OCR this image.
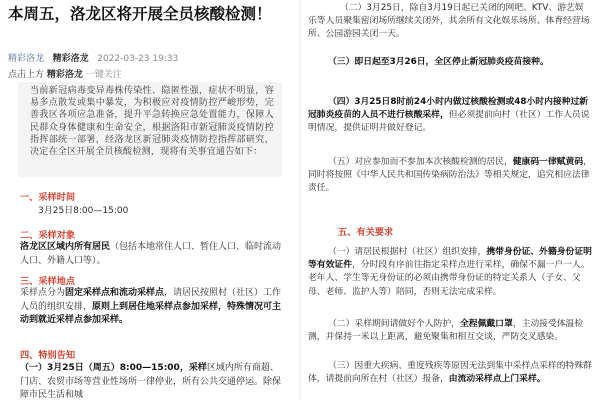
本周五，洛龙区将开展全员核酸检测！
精彩洛龙 精彩洛龙 2022-03-23 19:33
点击上方 精彩洛龙 一键关注

当前新冠病毒变异毒株传染性、隐匿性强，症状不明显，容易多点散发或集中暴发，为积极应对疫情防控严峻形势，完善我区各项应急准备，提升平急转换应急处置能力，保障人民群众身体健康和生命安全，根据洛阳市新冠肺炎疫情防控指挥部统一部署，经洛龙区新冠肺炎疫情防控指挥部研究，决定在全区开展全员核酸检测，现将有关事宜通告如下：

一、采样时间
3月25日8:00—15:00
二、采样对象
洛龙区区域内所有居民（包括本地常住人口、暂住人口、临时流动人口、外籍人口等）。
三、采样地点
采样点分为固定采样点和流动采样点，请居民按照村（社区）工作人员的组织安排，原则上到居住地采样点参加采样，特殊情况可主动到就近采样点参加采样。
四、特别告知
（一）3月25日（周五）8:00—15:00，采样区域内所有商超、门店、农贸市场等营业性场所一律停业，所有公共交通停运。除保障市民生活和城
（二）3月25日，除自3月19日起已关闭的网吧、KTV、游艺娱乐等人员聚集密闭场所继续关闭外，其余所有文化娱乐场所、体育经营场所、公园游园关闭一天。
（三）即日起至3月26日，全区停止新冠肺炎疫苗接种。
（四）3月25日8时前24小时内做过核酸检测或48小时内接种过新冠肺炎疫苗的人员不进行核酸采样，但必须提前向村（社区）工作人员说明情况，提供证明并做好登记。
（五）对应参加而不参加本次核酸检测的居民，健康码一律赋黄码，同时将按照《中华人民共和国传染病防治法》等相关规定，追究相应法律责任。
五、有关要求
（一）请居民根据村（社区）组织安排，携带身份证、外籍身份证明等有效证件，分时段有序前往指定采样点进行采样，确保不漏一户一人。老年人、学生等无身份证的必须由携带身份证的特定关系人（子女、父母、老师、监护人等）陪同，否则无法完成采样。
（二）采样期间请做好个人防护，全程佩戴口罩，主动接受体温检测，并保持一米以上距离，避免聚集和相互交谈，严防交叉感染。
（三）因重大疾病、重度残疾等原因无法到集中采样点采样的特殊群体，请提前向所在村（社区）报备，由流动采样点上门采样。
